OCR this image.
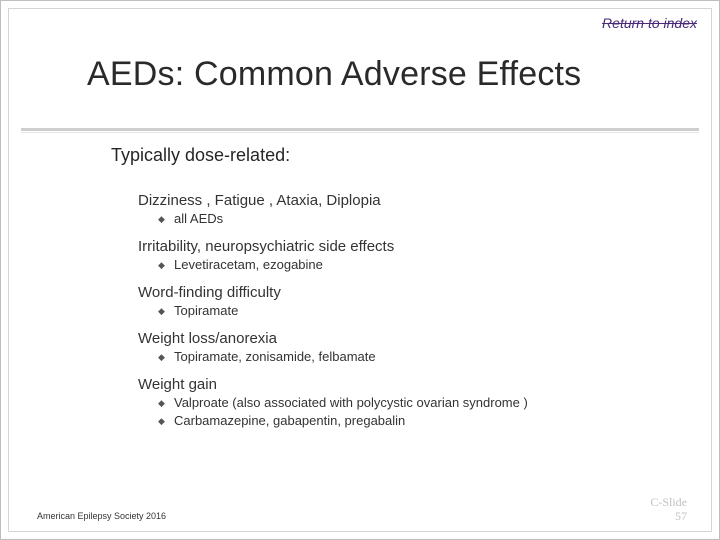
Return to index
AEDs: Common Adverse Effects
Typically dose-related:
Dizziness , Fatigue , Ataxia, Diplopia
◆ all AEDs
Irritability, neuropsychiatric side effects
◆ Levetiracetam, ezogabine
Word-finding difficulty
◆ Topiramate
Weight loss/anorexia
◆ Topiramate, zonisamide, felbamate
Weight gain
◆ Valproate (also associated with polycystic ovarian syndrome )
◆ Carbamazepine, gabapentin, pregabalin
American Epilepsy Society 2016
C-Slide
57
